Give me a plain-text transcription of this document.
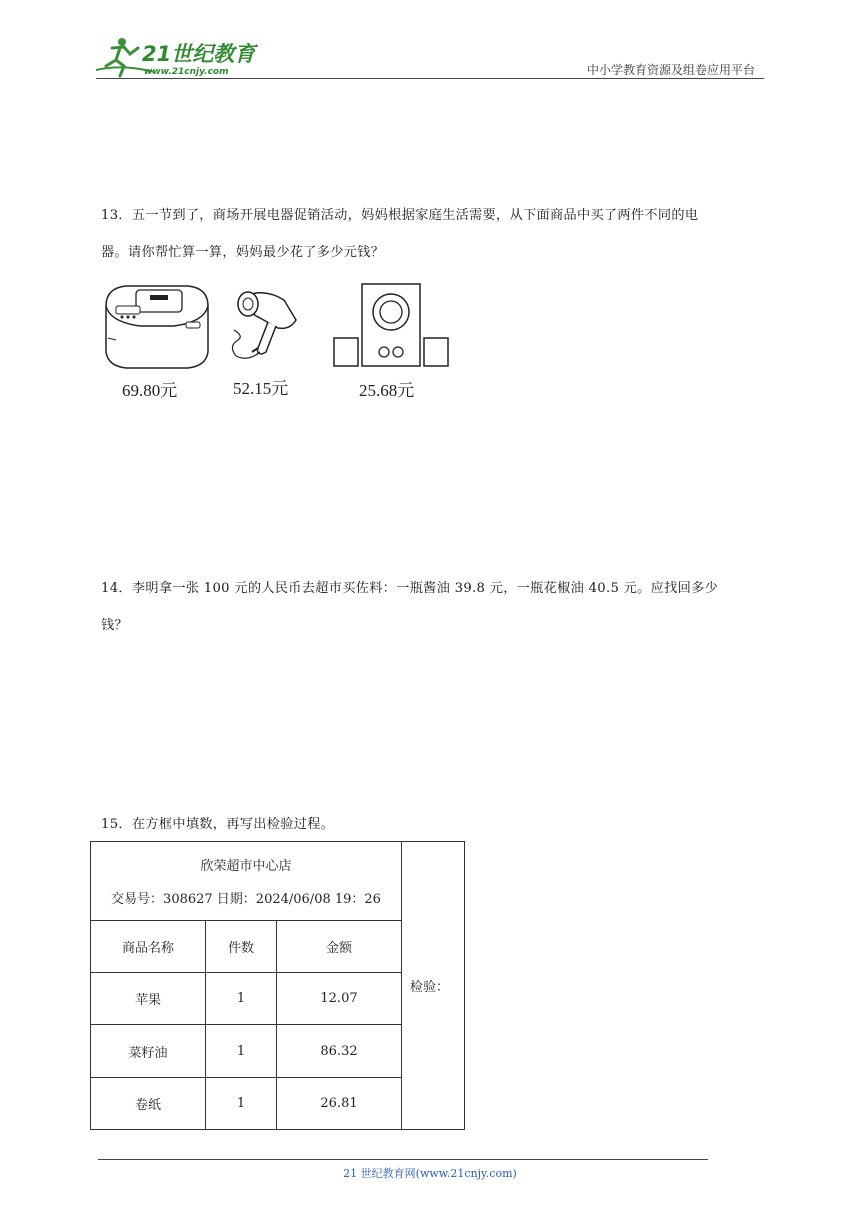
21世纪教育
www.21cnjy.com	中小学教育资源及组卷应用平台
13．五一节到了，商场开展电器促销活动，妈妈根据家庭生活需要，从下面商品中买了两件不同的电
器。请你帮忙算一算，妈妈最少花了多少元钱？
69.80元	52.15元	25.68元
14．李明拿一张 100 元的人民币去超市买佐料：一瓶酱油 39.8 元，一瓶花椒油 40.5 元。应找回多少
钱？
15．在方框中填数，再写出检验过程。
欣荣超市中心店
交易号：308627 日期：2024/06/08 19：26			检验：
商品名称	件数	金额	
苹果	1	12.07	
菜籽油	1	86.32	
卷纸	1	26.81	
21 世纪教育网(www.21cnjy.com)
